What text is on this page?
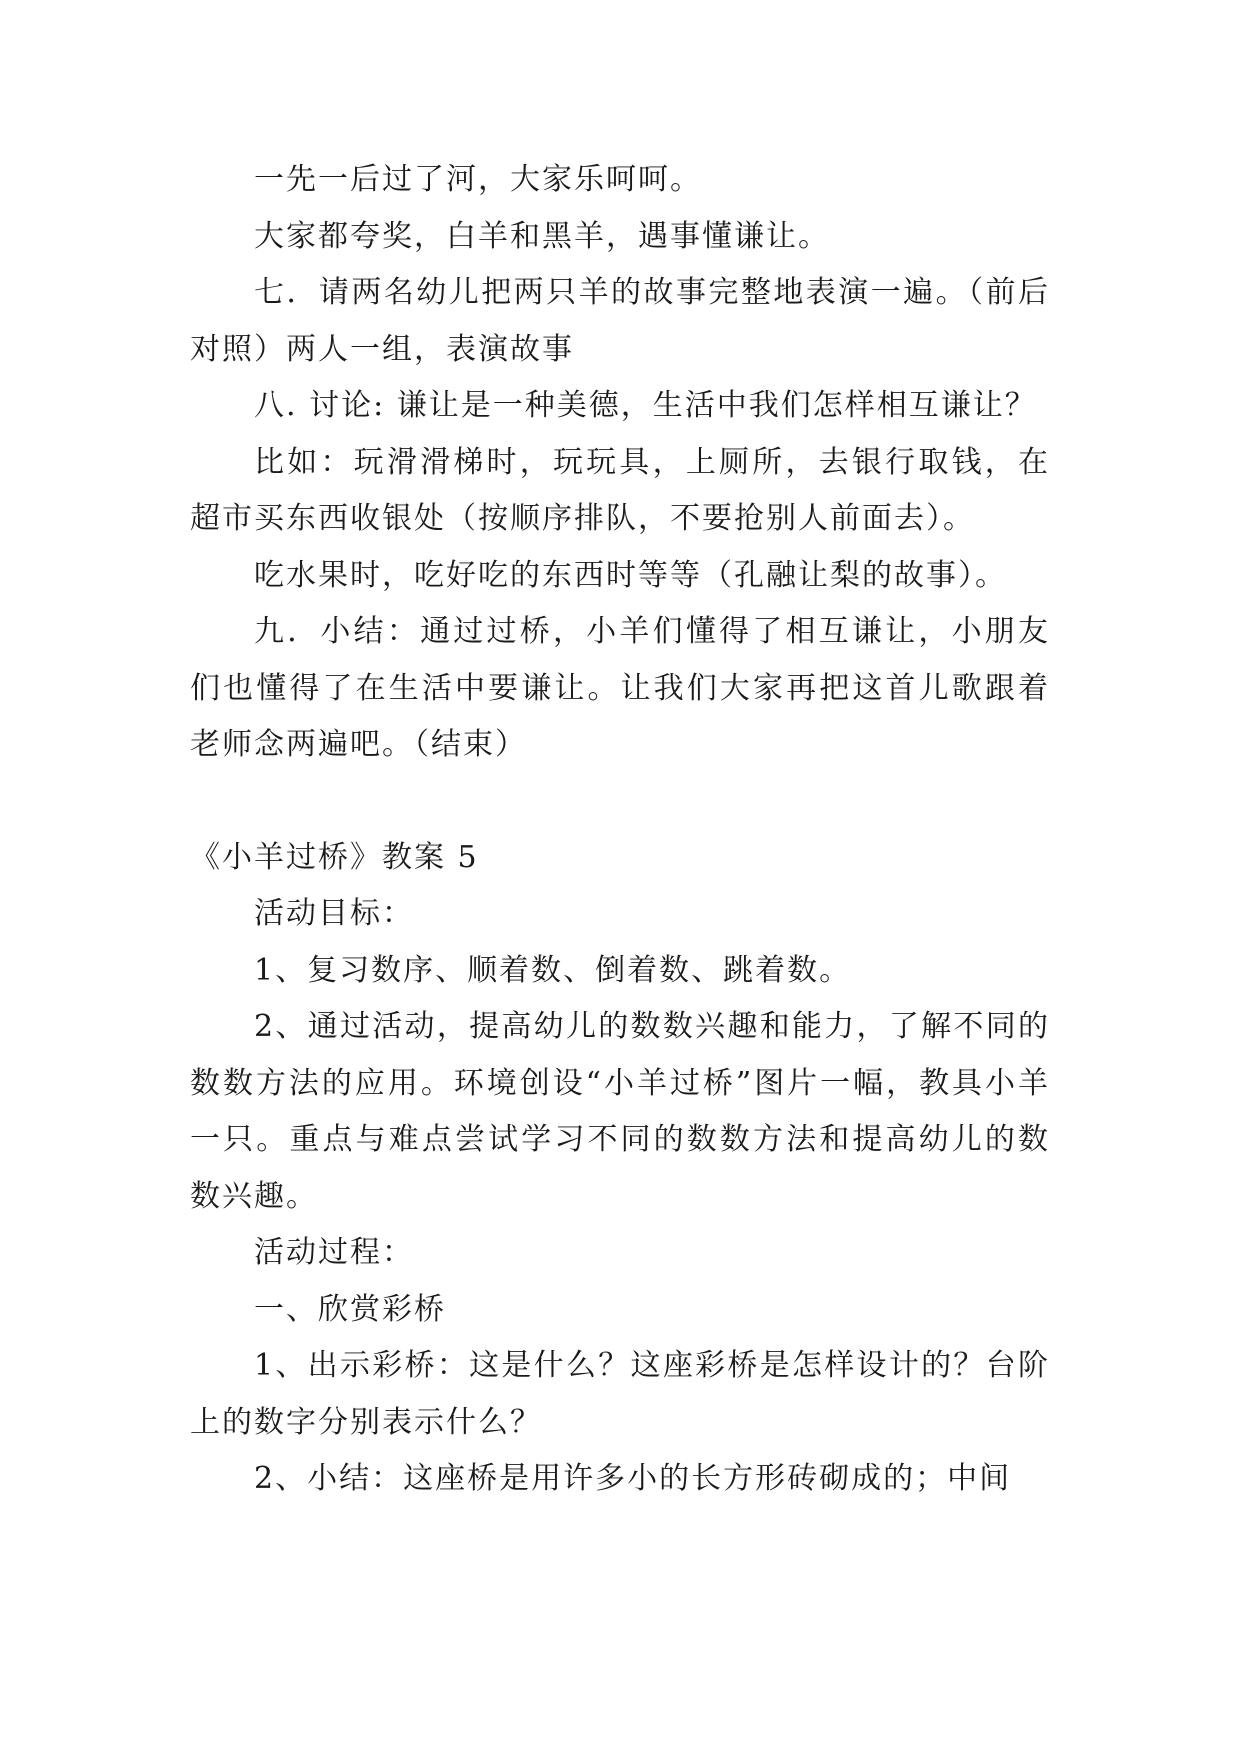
一先一后过了河，大家乐呵呵。

大家都夸奖，白羊和黑羊，遇事懂谦让。

七．请两名幼儿把两只羊的故事完整地表演一遍。（前后对照）两人一组，表演故事

八. 讨论: 谦让是一种美德，生活中我们怎样相互谦让？

比如：玩滑滑梯时，玩玩具，上厕所，去银行取钱，在超市买东西收银处（按顺序排队，不要抢别人前面去）。

吃水果时，吃好吃的东西时等等（孔融让梨的故事）。

九．小结：通过过桥，小羊们懂得了相互谦让，小朋友们也懂得了在生活中要谦让。让我们大家再把这首儿歌跟着老师念两遍吧。（结束）

《小羊过桥》教案 5

活动目标：

1、复习数序、顺着数、倒着数、跳着数。

2、通过活动，提高幼儿的数数兴趣和能力，了解不同的数数方法的应用。环境创设“小羊过桥”图片一幅，教具小羊一只。重点与难点尝试学习不同的数数方法和提高幼儿的数数兴趣。

活动过程：

一、欣赏彩桥

1、出示彩桥：这是什么？这座彩桥是怎样设计的？台阶上的数字分别表示什么？

2、小结：这座桥是用许多小的长方形砖砌成的；中间
